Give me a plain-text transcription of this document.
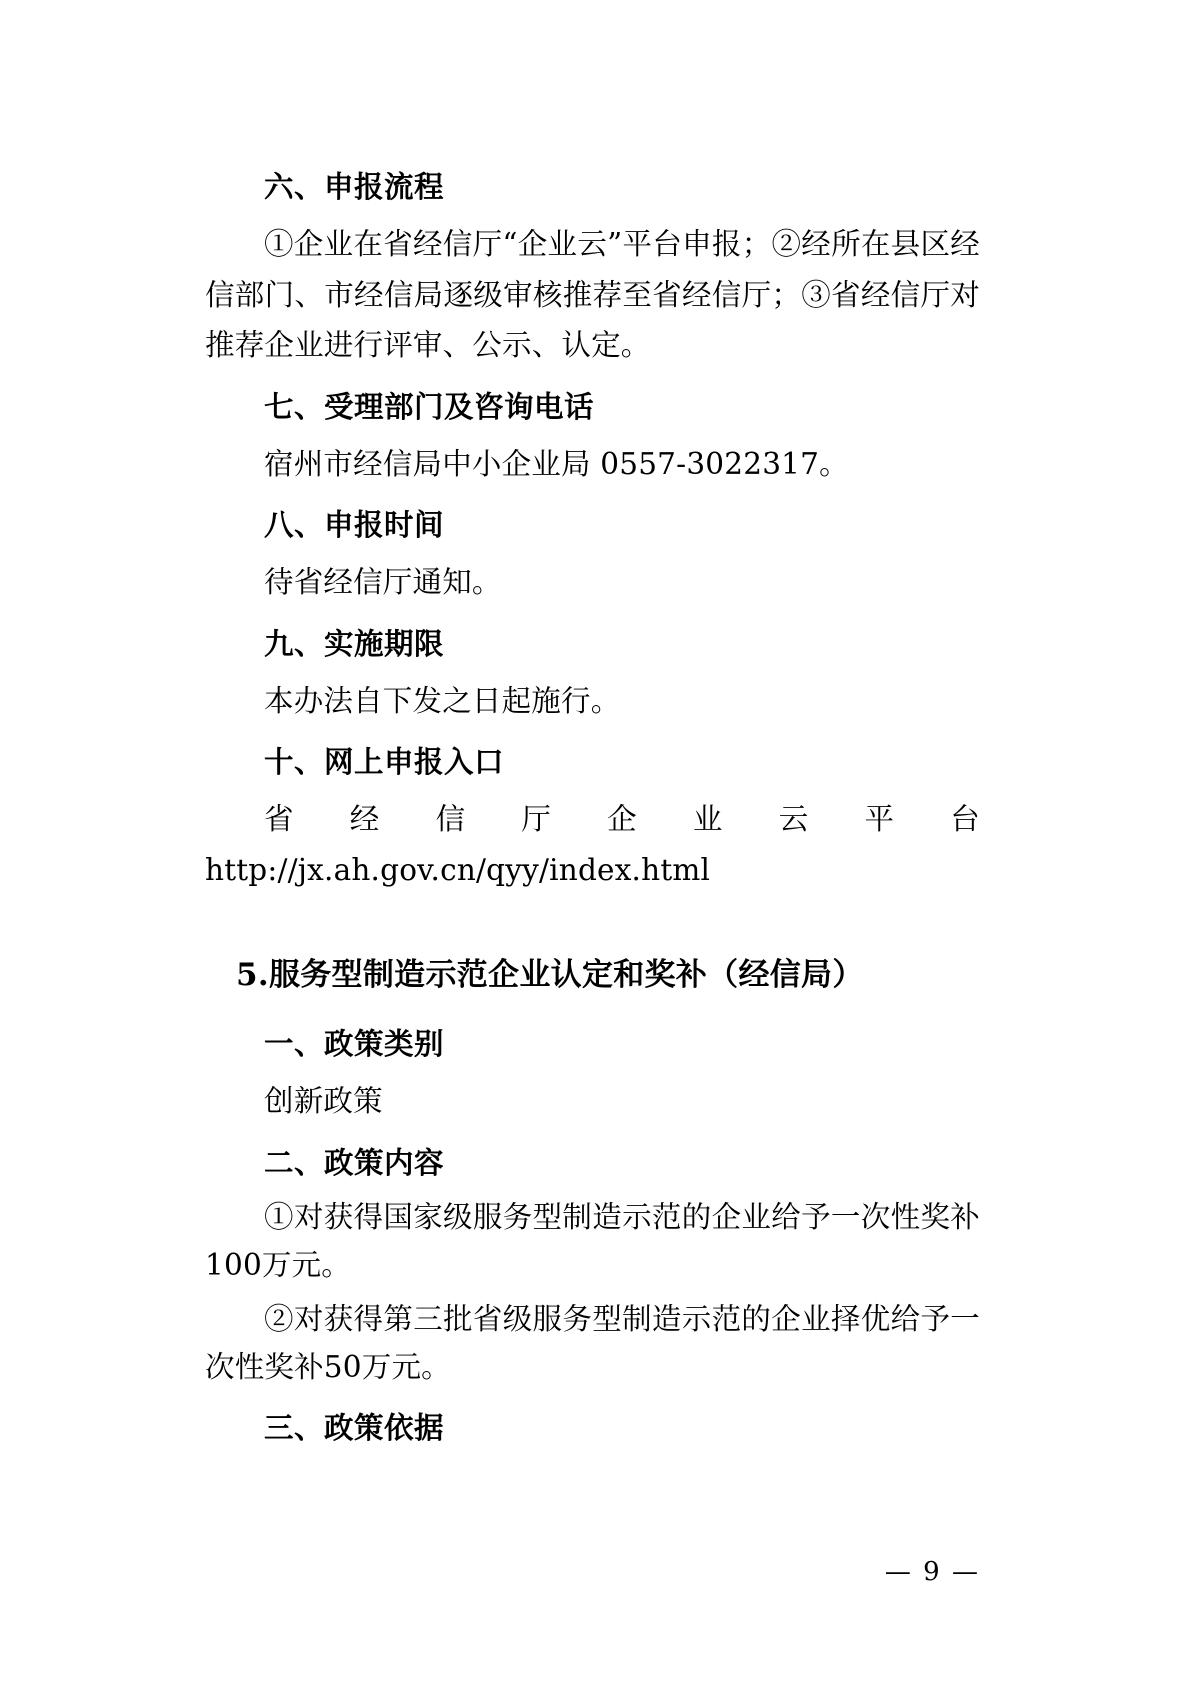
六、申报流程

①企业在省经信厅“企业云”平台申报；②经所在县区经信部门、市经信局逐级审核推荐至省经信厅；③省经信厅对推荐企业进行评审、公示、认定。

七、受理部门及咨询电话

宿州市经信局中小企业局 0557-3022317。

八、申报时间

待省经信厅通知。

九、实施期限

本办法自下发之日起施行。

十、网上申报入口

省经信厅企业云平台 http://jx.ah.gov.cn/qyy/index.html

5.服务型制造示范企业认定和奖补（经信局）
一、政策类别

创新政策

二、政策内容

①对获得国家级服务型制造示范的企业给予一次性奖补100万元。

②对获得第三批省级服务型制造示范的企业择优给予一次性奖补50万元。

三、政策依据
— 9 —
